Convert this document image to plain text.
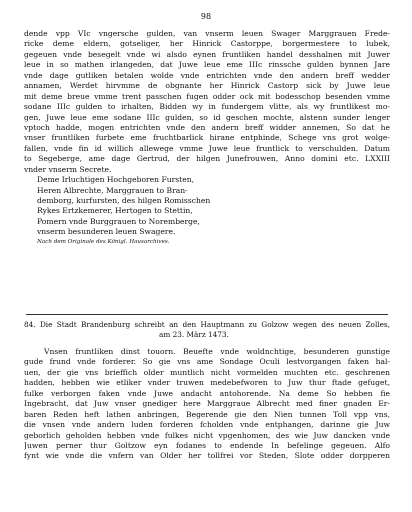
98
dende vpp VIc vngersche gulden, van vnserm leuen Swager Marggrauen Frede-
ricke deme eldern, gotseliger, her Hinrick Castorppe, borgermestere to lubek,
gegeuen vnde besegelt vnde wi alsdo eynen fruntliken handel desshalnen mit Juwer
leue in so mathen irlangeden, dat Juwe leue eme IIIc rinssche gulden bynnen Jare
vnde dage gutliken betalen wolde vnde entrichten vnde den andern breff wedder
annamen, Werdet hirvmme de obgnante her Hinrick Castorp sick by Juwe leue
mit deme breue vmme trent passchen fugen odder ock mit bodesschop besenden vmme
sodane IIIc gulden to irhalten, Bidden wy in fundergem vlitte, als wy fruntlikest mo-
gen, Juwe leue eme sodane IIIc gulden, so id geschen mochte, alstenn sunder lenger
vptoch hadde, mogen entrichten vnde den andern breff widder annemen, So dat he
vnser fruntliken furbete eme fruchtbarlick hirane entphinde, Schege vns grot wolge-
fallen, vnde fin id willich allewege vmme Juwe leue fruntlick to verschulden. Datum
to Segeberge, ame dage Gertrud, der hilgen Junefrouwen, Anno domini etc. LXXIII
vnder vnserm Secrete.
Deme Irluchtigen Hochgeboren Fursten,
Heren Albrechte, Marggrauen to Bran-
demborg, kurfursten, des hilgen Romisschen
Rykes Ertzkemerer, Hertogen to Stettin,
Pomern vnde Burggrauen to Noremberge,
vnserm besunderen leuen Swagere.
Nach dem Originale des Königl. Hausarchives.
84. Die Stadt Brandenburg schreibt an den Hauptmann zu Golzow wegen des neuen Zolles,
am 23. März 1473.
Vnsen fruntliken dinst touorn. Beuefte vnde woldnchtige, besunderen gunstige
gude frund vnde forderer. So gie vns ame Sondage Oculi lestvorgangen faken hal-
uen, der gie vns brieffich older muntlich nicht vormelden muchten etc. geschrenen
hadden, hebben wie etliker vnder truwen medebefworen to Juw thur ftade gefuget,
fulke verborgen faken vnde Juwe andacht antohorende. Na deme So hebben fie
Ingebracht, dat Juw vnser gnediger here Marggraue Albrecht med finer gnaden Er-
baren Reden heft lathen anbringen, Begerende gie den Nien tunnen Toll vpp vns,
die vnsen vnde andern luden forderen fcholden vnde entphangen, darinne gie Juw
geborlich geholden hebben vnde fulkes nicht vpgenhomen, des wie Juw dancken vnde
Juwen perner thur Goltzow eyn fodanes to endende In befelinge gegeuen. Alfo
fynt wie vnde die vnfern van Older her tollfrei vor Steden, Slote odder dorpperen
